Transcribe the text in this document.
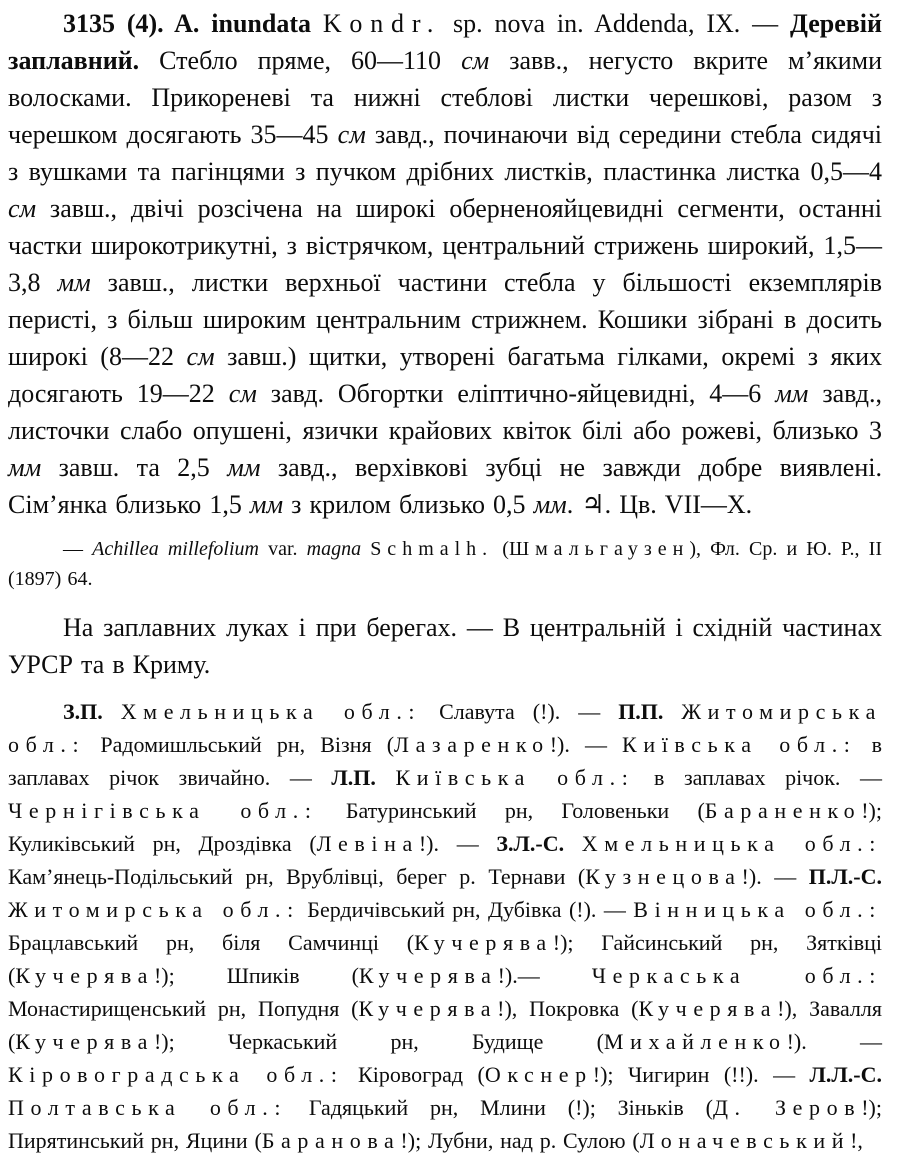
3135 (4). A. inundata Kondr. sp. nova in. Addenda, IX. — Деревій заплавний. Стебло пряме, 60—110 см завв., негусто вкрите м’якими волосками. Прикореневі та нижні стеблові листки черешкові, разом з черешком досягають 35—45 см завд., починаючи від середини стебла сидячі з вушками та пагінцями з пучком дрібних листків, пластинка листка 0,5—4 см завш., двічі розсічена на широкі оберненояйцевидні сегменти, останні частки широкотрикутні, з вістрячком, центральний стрижень широкий, 1,5—3,8 мм завш., листки верхньої частини стебла у більшості екземплярів перисті, з більш широким центральним стрижнем. Кошики зібрані в досить широкі (8—22 см завш.) щитки, утворені багатьма гілками, окремі з яких досягають 19—22 см завд. Обгортки еліптично-яйцевидні, 4—6 мм завд., листочки слабо опушені, язички крайових квіток білі або рожеві, близько 3 мм завш. та 2,5 мм завд., верхівкові зубці не завжди добре виявлені. Сім’янка близько 1,5 мм з крилом близько 0,5 мм. ♃. Цв. VII—X.

— Achillea millefolium var. magna Schmalh. (Шмальгаузен), Фл. Ср. и Ю. Р., II (1897) 64.

На заплавних луках і при берегах. — В центральній і східній частинах УРСР та в Криму.

З.П. Хмельницька обл.: Славута (!). — П.П. Житомирська обл.: Радомишльський рн, Візня (Лазаренко!). — Київська обл.: в заплавах річок звичайно. — Л.П. Київська обл.: в заплавах річок. — Чернігівська обл.: Батуринський рн, Головеньки (Бараненко!); Куликівський рн, Дроздівка (Левіна!). — З.Л.-С. Хмельницька обл.: Кам’янець-Подільський рн, Врублівці, берег р. Тернави (Кузнецова!). — П.Л.-С. Житомирська обл.: Бердичівський рн, Дубівка (!). — Вінницька обл.: Брацлавський рн, біля Самчинці (Кучерява!); Гайсинський рн, Зятківці (Кучерява!); Шпиків (Кучерява!).— Черкаська обл.: Монастирищенський рн, Попудня (Кучерява!), Покровка (Кучерява!), Завалля (Кучерява!); Черкаський рн, Будище (Михайленко!). — Кіровоградська обл.: Кіровоград (Окснер!); Чигирин (!!). — Л.Л.-С. Полтавська обл.: Гадяцький рн, Млини (!); Зіньків (Д. Зеров!); Пирятинський рн, Яцини (Баранова!); Лубни, над р. Сулою (Лоначевський!,
